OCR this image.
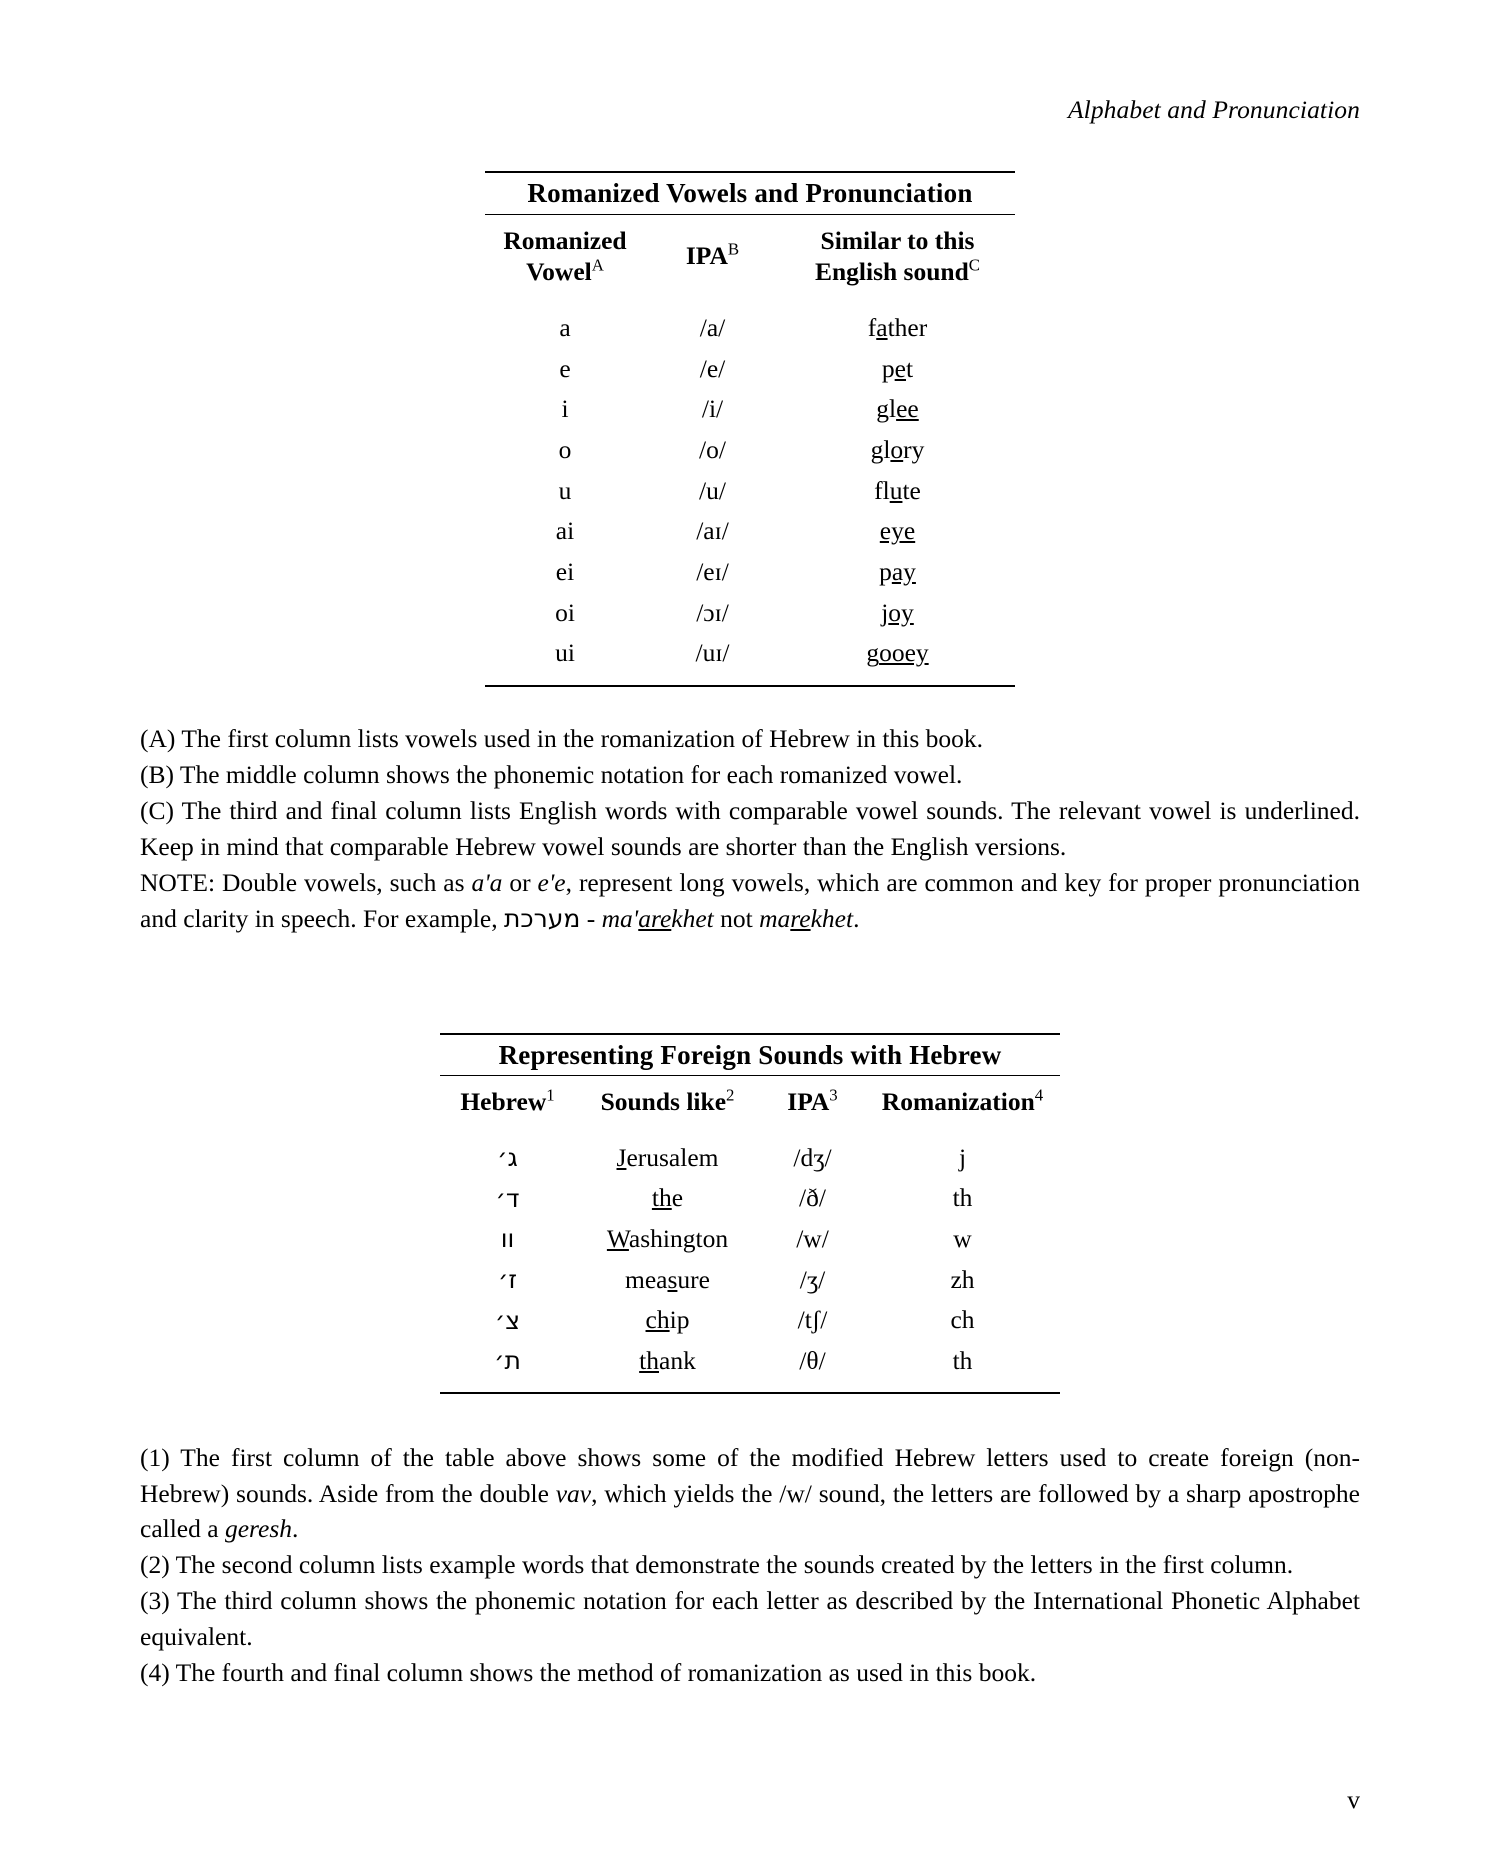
Alphabet and Pronunciation
Romanized Vowels and Pronunciation		
Romanized Vowel$^A$	$IPA^B$	Similar to this English sound$^C$
a	/a/	father
e	/e/	pet
i	/i/	glee
o	/o/	glory
u	/u/	flute
ai	/aɪ/	eye
ei	/eɪ/	pay
oi	/ɔɪ/	joy
ui	/uɪ/	gooey

(A) The first column lists vowels used in the romanization of Hebrew in this book.

(B) The middle column shows the phonemic notation for each romanized vowel.

(C) The third and final column lists English words with comparable vowel sounds. The relevant vowel is underlined. Keep in mind that comparable Hebrew vowel sounds are shorter than the English versions.

NOTE: Double vowels, such as a'a or e'e, represent long vowels, which are common and key for proper pronunciation and clarity in speech. For example, מערכת - ma'arekhet not marekhet.

Representing Foreign Sounds with Hebrew			
Hebrew$^1$	Sounds like$^2$	IPA$^3$	Romanization$^4$
ג׳	Jerusalem	/dʒ/	j
ד׳	the	/ð/	th
וו	Washington	/w/	w
ז׳	measure	/ʒ/	zh
צ׳	chip	/tʃ/	ch
ת׳	thank	/θ/	th

(1) The first column of the table above shows some of the modified Hebrew letters used to create foreign (non-Hebrew) sounds. Aside from the double vav, which yields the /w/ sound, the letters are followed by a sharp apostrophe called a geresh.

(2) The second column lists example words that demonstrate the sounds created by the letters in the first column.

(3) The third column shows the phonemic notation for each letter as described by the International Phonetic Alphabet equivalent.

(4) The fourth and final column shows the method of romanization as used in this book.

v
